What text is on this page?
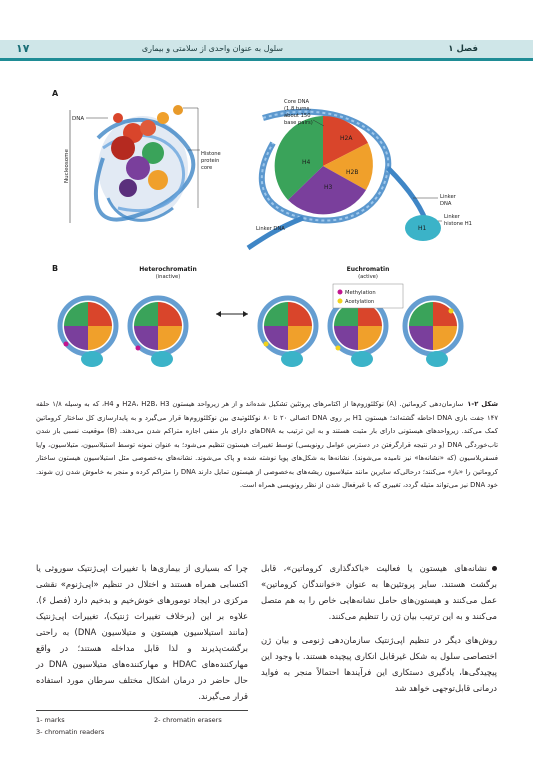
۱۷	سلول به عنوان واحدی از سلامتی و بیماری	فصل ۱
A
Nucleosome
DNA
Histone
protein
core
H2A
H4
H2B
H3
H1
Core DNA
(1.8 turns,
about 150
base pairs)
Linker
DNA
Linker
histone H1
Linker DNA
B	Heterochromatin
(inactive)
Euchromatin
(active)
Methylation
Acetylation
شکل ۲-۱سازمان‌دهی کروماتین. (A) نوکلئوزوم‌ها از اکتامرهای پروتئین تشکیل شده‌اند و از هر زیرواحد هیستون H2A، H2B، H3 و H4، که به وسیله ۱/۸ حلقه ۱۴۷ جفت بازی DNA احاطه گشته‌اند؛ هیستون H1 بر روی DNA اتصالی ۲۰ تا ۸۰ نوکلئوتیدی بین نوکلئوزوم‌ها قرار می‌گیرد و به پایدارسازی کل ساختار کروماتین کمک می‌کند. زیرواحدهای هیستونی دارای بار مثبت هستند و به این ترتیب به DNAهای دارای بار منفی اجازه متراکم شدن می‌دهند. (B) موقعیت نسبی باز شدن تاب‌خوردگی DNA (و در نتیجه قرارگرفتن در دسترس عوامل رونویسی) توسط تغییرات هیستون تنظیم می‌شود؛ به عنوان نمونه توسط استیلاسیون، متیلاسیون، و/یا فسفریلاسیون (که «نشانه‌ها» نیز نامیده می‌شوند). نشانه‌ها به شکل‌های پویا نوشته شده و پاک می‌شوند. نشانه‌های به‌خصوصی مثل استیلاسیون هیستون ساختار کروماتین را «باز» می‌کنند؛ درحالی‌که سایرین مانند متیلاسیون ریشه‌های به‌خصوصی از هیستون تمایل دارند DNA را متراکم کرده و منجر به خاموش شدن ژن شوند. خود DNA نیز می‌تواند متیله گردد، تغییری که با غیرفعال شدن از نظر رونویسی همراه است.
نشانه‌های هیستون یا فعالیت «باکدگذاری کروماتین»، قابل برگشت هستند. سایر پروتئین‌ها به عنوان «خوانندگان کروماتین» عمل می‌کنند و هیستون‌های حامل نشانه‌هایی خاص را به هم متصل می‌کنند و به این ترتیب بیان ژن را تنظیم می‌کنند.
روش‌های دیگر در تنظیم اپی‌ژنتیک سازمان‌دهی ژنومی و بیان ژن اختصاصی سلول به شکل غیرقابل انکاری پیچیده هستند. با وجود این پیچیدگی‌ها، یادگیری دستکاری این فرآیندها احتمالاً منجر به فواید درمانی قابل‌توجهی خواهد شد
چرا که بسیاری از بیماری‌ها با تغییرات اپی‌ژنتیک سوروثی یا اکتسابی همراه هستند و اختلال در تنظیم «اپی‌ژنوم» نقشی مرکزی در ایجاد تومورهای خوش‌خیم و بدخیم دارد (فصل ۶). علاوه بر این (برخلاف تغییرات ژنتیک)، تغییرات اپی‌ژنتیک (مانند استیلاسیون هیستون و متیلاسیون DNA) به راحتی برگشت‌پذیرند و لذا قابل مداخله هستند؛ در واقع مهارکننده‌های HDAC و مهارکننده‌های متیلاسیون DNA در حال حاضر در درمان اشکال مختلف سرطان مورد استفاده قرار می‌گیرند.
1- marks	2- chromatin erasers
3- chromatin readers
